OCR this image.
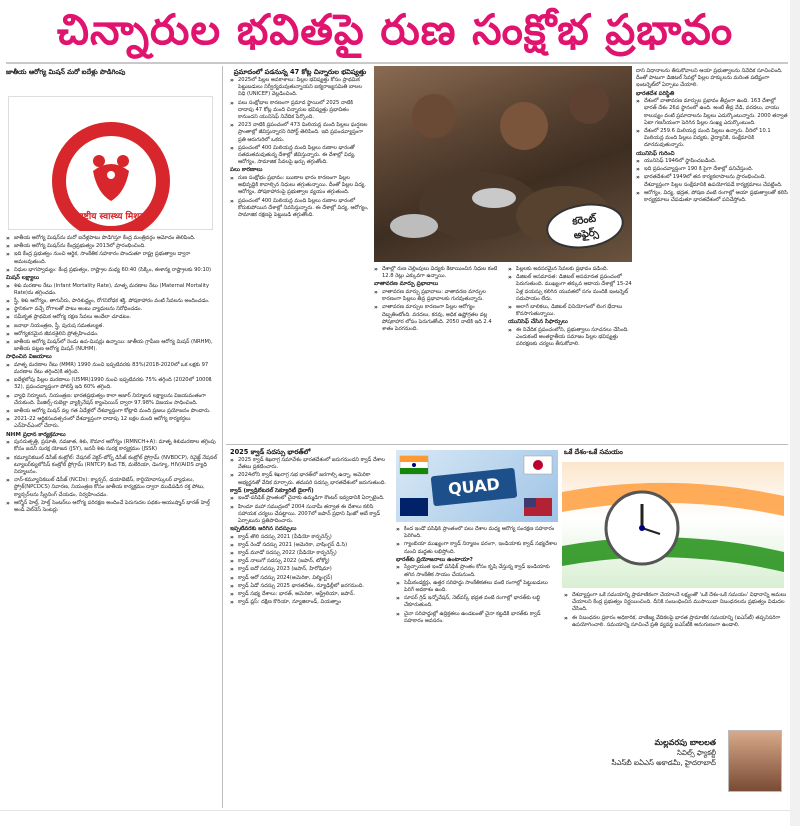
చిన్నారుల భవితపై రుణ సంక్షోభ ప్రభావం
జాతీయ ఆరోగ్య మిషన్ మరో ఐదేళ్లు పొడిగింపు
» జాతీయ ఆరోగ్య మిషన్‌ను మరో ఐదేళ్లపాటు పొడిగిస్తూ కేంద్ర మంత్రివర్గం ఆమోదం తెలిపింది.
» జాతీయ ఆరోగ్య మిషన్‌ను కేంద్రప్రభుత్వం 2013లో ప్రారంభించింది.
» ఇది కేంద్ర ప్రభుత్వం నుంచి ఆర్థిక, సాంకేతిక సహకారం పొందుతూ రాష్ట్ర ప్రభుత్వాల ద్వారా అమలవుతుంది.
» నిధుల భాగస్వామ్యం: కేంద్ర ప్రభుత్వం, రాష్ట్రాల మధ్య 60:40 (సిక్కిం, ఈశాన్య రాష్ట్రాలకు 90:10)
మిషన్ లక్ష్యాలు
» శిశు మరణాల రేటు (Infant Mortality Rate), మాతృ మరణాల రేటు (Maternal Mortality Rate)ను తగ్గించడం.
» స్త్రీ, శిశు ఆరోగ్యం, తాగునీరు, పారిశుద్ధ్యం, రోగనిరోధక శక్తి, పోషకాహారం వంటి సేవలను అందించడం.
» స్థానికంగా వచ్చే రోగాలతో పాటు అంటు వ్యాధులను నిరోధించడం.
» సమీకృత ప్రాథమిక ఆరోగ్య రక్షణ సేవలు అందేలా చూడటం.
» జనాభా నియంత్రణ, స్త్రీ, పురుష సమతుల్యత.
» ఆరోగ్యకరమైన జీవనశైలిని ప్రోత్సహించడం.
» జాతీయ ఆరోగ్య మిషన్‌లో రెండు ఉప-మిషన్లు ఉన్నాయి: జాతీయ గ్రామీణ ఆరోగ్య మిషన్ (NRHM), జాతీయ పట్టణ ఆరోగ్య మిషన్ (NUHM).
సాధించిన విజయాలు
» మాతృ మరణాల రేటు (MMR) 1990 నుంచి ఇప్పటివరకు 83%(2018-2020లో ఒక లక్షకు 97 మరణాల రేటు తగ్గింది)కి తగ్గింది.
» ఐదేళ్లలోపు పిల్లల మరణాలు (U5MR)1990 నుంచి ఇప్పటివరకు 75% తగ్గింది (2020లో 1000కి 32), ప్రపంచవ్యాప్తంగా పోలిస్తే ఇది 60% తగ్గింది.
» వ్యాధి నిర్మూలన, నియంత్రణ: భారతప్రభుత్వం కాలా అజార్ నిర్మూలన లక్ష్యాలను విజయవంతంగా చేరుకుంది. మీజిల్స్-రుబెల్లా వ్యాక్సినేషన్ క్యాంపెయిన్ ద్వారా 97.98% విజయం సాధించింది.
» జాతీయ ఆరోగ్య మిషన్ వల్ల గత ఏడేళ్లలో దేశవ్యాప్తంగా కోట్లాది మంది ప్రజలు ప్రయోజనం పొందారు.
» 2021-22 ఆర్థికసంవత్సరంలో దేశవ్యాప్తంగా దాదాపు 12 లక్షల మంది ఆరోగ్య కార్యకర్తలు ఎన్‌హెచ్‌ఎంలో చేరారు.
NHM ప్రధాన కార్యక్రమాలు
» పునరుత్పత్తి, ప్రసూతి, నవజాత, శిశు, కౌమార ఆరోగ్యం (RMNCH+A): మాతృ శిశుమరణాల తగ్గింపు కోసం జననీ సురక్ష యోజన (JSY), జననీ శిశు సురక్ష కార్యక్రమం (JSSK)
» కమ్యూనికబుల్ డిసీజ్ కంట్రోల్: నేషనల్ వెక్టర్-బోర్న్ డిసీజ్ కంట్రోల్ ప్రోగ్రామ్ (NVBDCP), రివైజ్డ్ నేషనల్ ట్యూబర్‌క్యులోసిస్ కంట్రోల్ ప్రోగ్రామ్ (RNTCP) కింద TB, మలేరియా, డెంగ్యూ, HIV/AIDS వ్యాధి నిర్మూలనం.
» నాన్-కమ్యూనికబుల్ డిసీజ్ (NCDs): క్యాన్సర్, డయాబెటిస్, కార్డియోవాస్కులర్ వ్యాధులు, స్ట్రోక్(NPCDCS) నివారణ, నియంత్రణ కోసం జాతీయ కార్యక్రమం ద్వారా ముడిపడిన రక్త పోటు, క్యాన్సర్‌లను స్క్రీనింగ్ చేయడం, నిర్వహించడం.
» ఆర్మోన్ హెల్త్, హెల్త్ సెంటర్‌లు ఆరోగ్య పరిరక్షణ అందించే పెరుగుదల పథకం-ఆయుష్మాన్ భారత్ హెల్త్ అండ్ వెల్‌నెస్ సెంటర్లు
NATIONAL HEALTH MISSIO
राष्ट्रीय स्वास्थ्य मिशन
ప్రమాదంలో పడనున్న 47 కోట్ల చిన్నారుల భవిష్యత్తు
» 2025లో పిల్లల అవకాశాలు: పిల్లల భవిష్యత్తు కోసం ప్రాథమిక పెట్టుబడులు నిర్వీర్యమవుతున్నాయని ఐక్యరాజ్యసమితి బాలల నిధి (UNICEF) వెల్లడించింది.
» పలు సంక్షోభాల కారణంగా ప్రమాద స్థాయిలో 2025 నాటికి దాదాపు 47 కోట్ల మంది చిన్నారుల భవిష్యత్తు ప్రభావితం కానుందని యునిసెఫ్ నివేదిక పేర్కొంది.
» 2023 నాటికి ప్రపంచంలో 473 మిలియన్ల మంది పిల్లలు ఘర్షణల ప్రాంతాల్లో జీవిస్తున్నారని రిపోర్ట్ తెలిపింది. ఇది ప్రపంచవ్యాప్తంగా ప్రతి ఆరుగురిలో ఒకరు.
» ప్రపంచంలో 400 మిలియన్ల మంది పిల్లలు రుణాల భారంతో సతమతమవుతున్న దేశాల్లో జీవిస్తున్నారు. ఈ దేశాల్లో విద్య, ఆరోగ్యం, సామాజిక సేవలపై ఖర్చు తగ్గుతోంది.
పలు కారణాలు
» రుణ సంక్షోభం ప్రభావం: ఋణాల భారం కారణంగా పిల్లల అభివృద్ధికి కావాల్సిన నిధులు తగ్గుతున్నాయి. దీంతో పిల్లల విద్య, ఆరోగ్యం, పోషకాహారంపై ప్రభుత్వాల వ్యయం తగ్గుతుంది.
» ప్రపంచంలో 400 మిలియన్ల మంది పిల్లలు రుణాల భారంలో కోరుకుపోయిన దేశాల్లో నివసిస్తున్నారు. ఈ దేశాల్లో విద్య, ఆరోగ్యం, సామాజిక రక్షణపై పెట్టుబడి తగ్గుతోంది.	కరెంట్
అఫైర్స్
» దేశాల్లో రుణ చెల్లింపులు విద్యకు కేటాయించిన నిధుల కంటే 12.8 రెట్లు ఎక్కువగా ఉన్నాయి.
వాతావరణ మార్పు ప్రభావాలు
» వాతావరణ మార్పు ప్రభావాలు: వాతావరణ మార్పుల కారణంగా పిల్లలు తీవ్ర ప్రభావాలకు గురవుతున్నారు.
» వాతావరణ మార్పుల కారణంగా పిల్లల ఆరోగ్యం దెబ్బతింటోంది. వరదలు, కరవు, అధిక ఉష్ణోగ్రతల వల్ల పోషకాహార లోపం పెరుగుతోంది. 2050 నాటికి ఇది 2.4 శాతం పెరగనుంది.
» పిల్లలకు అవసరమైన సేవలకు ప్రభావం పడింది.
» డిజిటల్ అసమానత: డిజిటల్ అసమానత ప్రపంచంలో పెరుగుతుంది. ముఖ్యంగా తక్కువ ఆదాయ దేశాల్లో 15-24 ఏళ్ల వయస్సు కలిగిన యువతలో సగం మందికి ఇంటర్నెట్ సదుపాయం లేదు.
» అలాగే బాలికలు, డిజిటల్ వినియోగంలో లింగ భేదాలు కొనసాగుతున్నాయి.
యునిసెఫ్ చేసిన సిఫార్సులు
» ఈ నివేదిక ప్రపంచంలోని, ప్రభుత్వాలు సూచనలు చేసింది. ఎందుకంటే అంతర్జాతీయ సమాజం పిల్లల భవిష్యత్తు పరిరక్షణకు చర్యలు తీసుకోవాలి.

దాని విధానాలను తీసుకోవాలని ఆయా ప్రభుత్వాలను నివేదిక సూచించింది. దీంతో పాటుగా డిజిటల్ సేవల్లో పిల్లల హక్కులను మరింత పటిష్టంగా ఇంటర్నెట్‌లో ఏర్పాటు చేయాలి.

భారతదేశ పరిస్థితి
» దేశంలో వాతావరణ మార్పుల ప్రభావం తీవ్రంగా ఉంది. 163 దేశాల్లో భారత్ దేశం 26వ స్థానంలో ఉంది. అంటే తీవ్ర వేడి, వరదలు, వాయు కాలుష్యం వంటి ప్రమాదాలను పిల్లలు ఎదుర్కొంటున్నారు. 2000 తర్వాత ఏటా గణనీయంగా పెరిగిన పిల్లల సంఖ్య ఎదుర్కొంటుంది.
» దేశంలో 259.6 మిలియన్ల మంది పిల్లలు ఉన్నారు. వీరిలో 10.1 మిలియన్ల మంది పిల్లలు విద్యకు, వైద్యానికి, సంక్షేమానికి దూరమవుతున్నారు.
యునిసెఫ్ గురించి
» యునిసెఫ్ 1946లో స్థాపించబడింది.
» ఇది ప్రపంచవ్యాప్తంగా 190 కి పైగా దేశాల్లో పనిచేస్తుంది.
» భారతదేశంలో 1949లో తన కార్యకలాపాలను ప్రారంభించింది. దేశవ్యాప్తంగా పిల్లల సంక్షేమానికి ఉపయోగపడే కార్యక్రమాలు చేపట్టింది.
» ఆరోగ్యం, విద్య, భద్రత, పోషణ వంటి రంగాల్లో ఆయా ప్రభుత్వాలతో కలిసి కార్యక్రమాలు చేపడుతూ భారతదేశంలో పనిచేస్తోంది.
2025 క్వాడ్ సదస్సు భారత్‌లో
» 2025 క్వాడ్ శిఖరాగ్ర సమావేశం భారతదేశంలో జరుగనుందని క్వాడ్ దేశాల నేతలు ప్రకటించారు.
» 2024లోని క్వాడ్ శిఖరాగ్ర సభ భారత్‌లో జరగాల్సి ఉన్నా, అమెరికా అభ్యర్థనతో వేదిక మార్చారు. తదుపరి సదస్సు భారతదేశంలో జరుగుతుంది.
క్వాడ్ (క్వాడ్రిలేటరల్ సెక్యూరిటీ డైలాగ్)
» ఇండో-పసిఫిక్ ప్రాంతంలో చైనాకు ఉమ్మడిగా కౌంటర్ ఇవ్వడానికి ఏర్పాటైంది.
» హిందూ మహా సముద్రంలో 2004 సునామీ తర్వాత ఈ దేశాలు కలిసి సహాయక చర్యలు చేపట్టాయి. 2007లో జపాన్ ప్రధాని షింజో అబే క్వాడ్ ఏర్పాటును ప్రతిపాదించారు.
ఇప్పటివరకు జరిగిన సదస్సులు
» క్వాడ్ తొలి సదస్సు 2021 (వీడియో కాన్ఫరెన్స్)
» క్వాడ్ రెండో సదస్సు 2021 (అమెరికా, వాషింగ్టన్ డి.సి)
» క్వాడ్ మూడో సదస్సు 2022 (వీడియో కాన్ఫరెన్స్)
» క్వాడ్ నాలుగో సదస్సు 2022 (జపాన్, టోక్యో)
» క్వాడ్ ఐదో సదస్సు 2023 (జపాన్, హిరోషిమా)
» క్వాడ్ ఆరో సదస్సు 2024(అమెరికా, విల్మింగ్టన్)
» క్వాడ్ ఏడో సదస్సు 2025 భారతదేశం, న్యూఢిల్లీలో జరగనుంది.
» క్వాడ్ సభ్య దేశాలు: భారత్, అమెరికా, ఆస్ట్రేలియా, జపాన్.
» క్వాడ్ ప్లస్: దక్షిణ కొరియా, న్యూజిలాండ్, వియత్నాం
QUAD
» కింద ఇండో పసిఫిక్ ప్రాంతంలో పలు దేశాల మధ్య ఆరోగ్య సంరక్షణ సహకారం పెరిగింది.
» గ్యాంబియా ముఖ్యంగా క్వాడ్ నిర్మాణం పరంగా, ఇండియాకు క్వాడ్ సభ్యదేశాల నుంచి మద్దతు లభిస్తోంది.
భారత్‌కు ప్రయోజనాలు ఉంటాయా?
» స్వేచ్ఛాయుత ఇండో పసిఫిక్ ప్రాంతం కోసం కృషి చేస్తున్న క్వాడ్ ఇండియాకు తగిన సాంకేతిక సాయం చేయనుంది.
» సెమీకండక్టర్లు, ఉత్తర సరిహద్దు సాంకేతికతలు వంటి రంగాల్లో పెట్టుబడులు పెరిగే అవకాశం ఉంది.
» సూపర్ గ్రిడ్ ఇన్నోవేషన్, నెట్‌వర్క్ భద్రత వంటి రంగాల్లో భారత్‌కు లబ్ధి చేకూరుతుంది.
» చైనా సరిహద్దుల్లో ఉద్రిక్తతలు ఉండటంతో చైనా కట్టడికి భారత్‌కు క్వాడ్ సహకారం అవసరం.
ఒకే దేశం-ఒకే సమయం
» దేశవ్యాప్తంగా ఒకే సమయాన్ని ప్రామాణికంగా చేయాలనే లక్ష్యంతో 'ఒకే దేశం-ఒకే సమయం' విధానాన్ని అమలు చేయాలని కేంద్ర ప్రభుత్వం నిర్ణయించింది. దీనికి సంబంధించిన ముసాయిదా నిబంధనలను ప్రభుత్వం విడుదల చేసింది.
» ఈ నిబంధనల ప్రకారం అధికారిక, వాణిజ్య వేదికలపై భారత ప్రామాణిక సమయాన్ని (ఐఎస్‌టీ) తప్పనిసరిగా ఉపయోగించాలి. సమయాన్ని సూచించే ప్రతి వ్యవస్థ ఐఎస్‌టీకి అనుగుణంగా ఉండాలి.
మల్లవరపు బాలలత
సివిల్స్ ఫ్యాకల్టీ
సీఎస్‌బీ ఐఏఎస్ అకాడమీ, హైదరాబాద్
